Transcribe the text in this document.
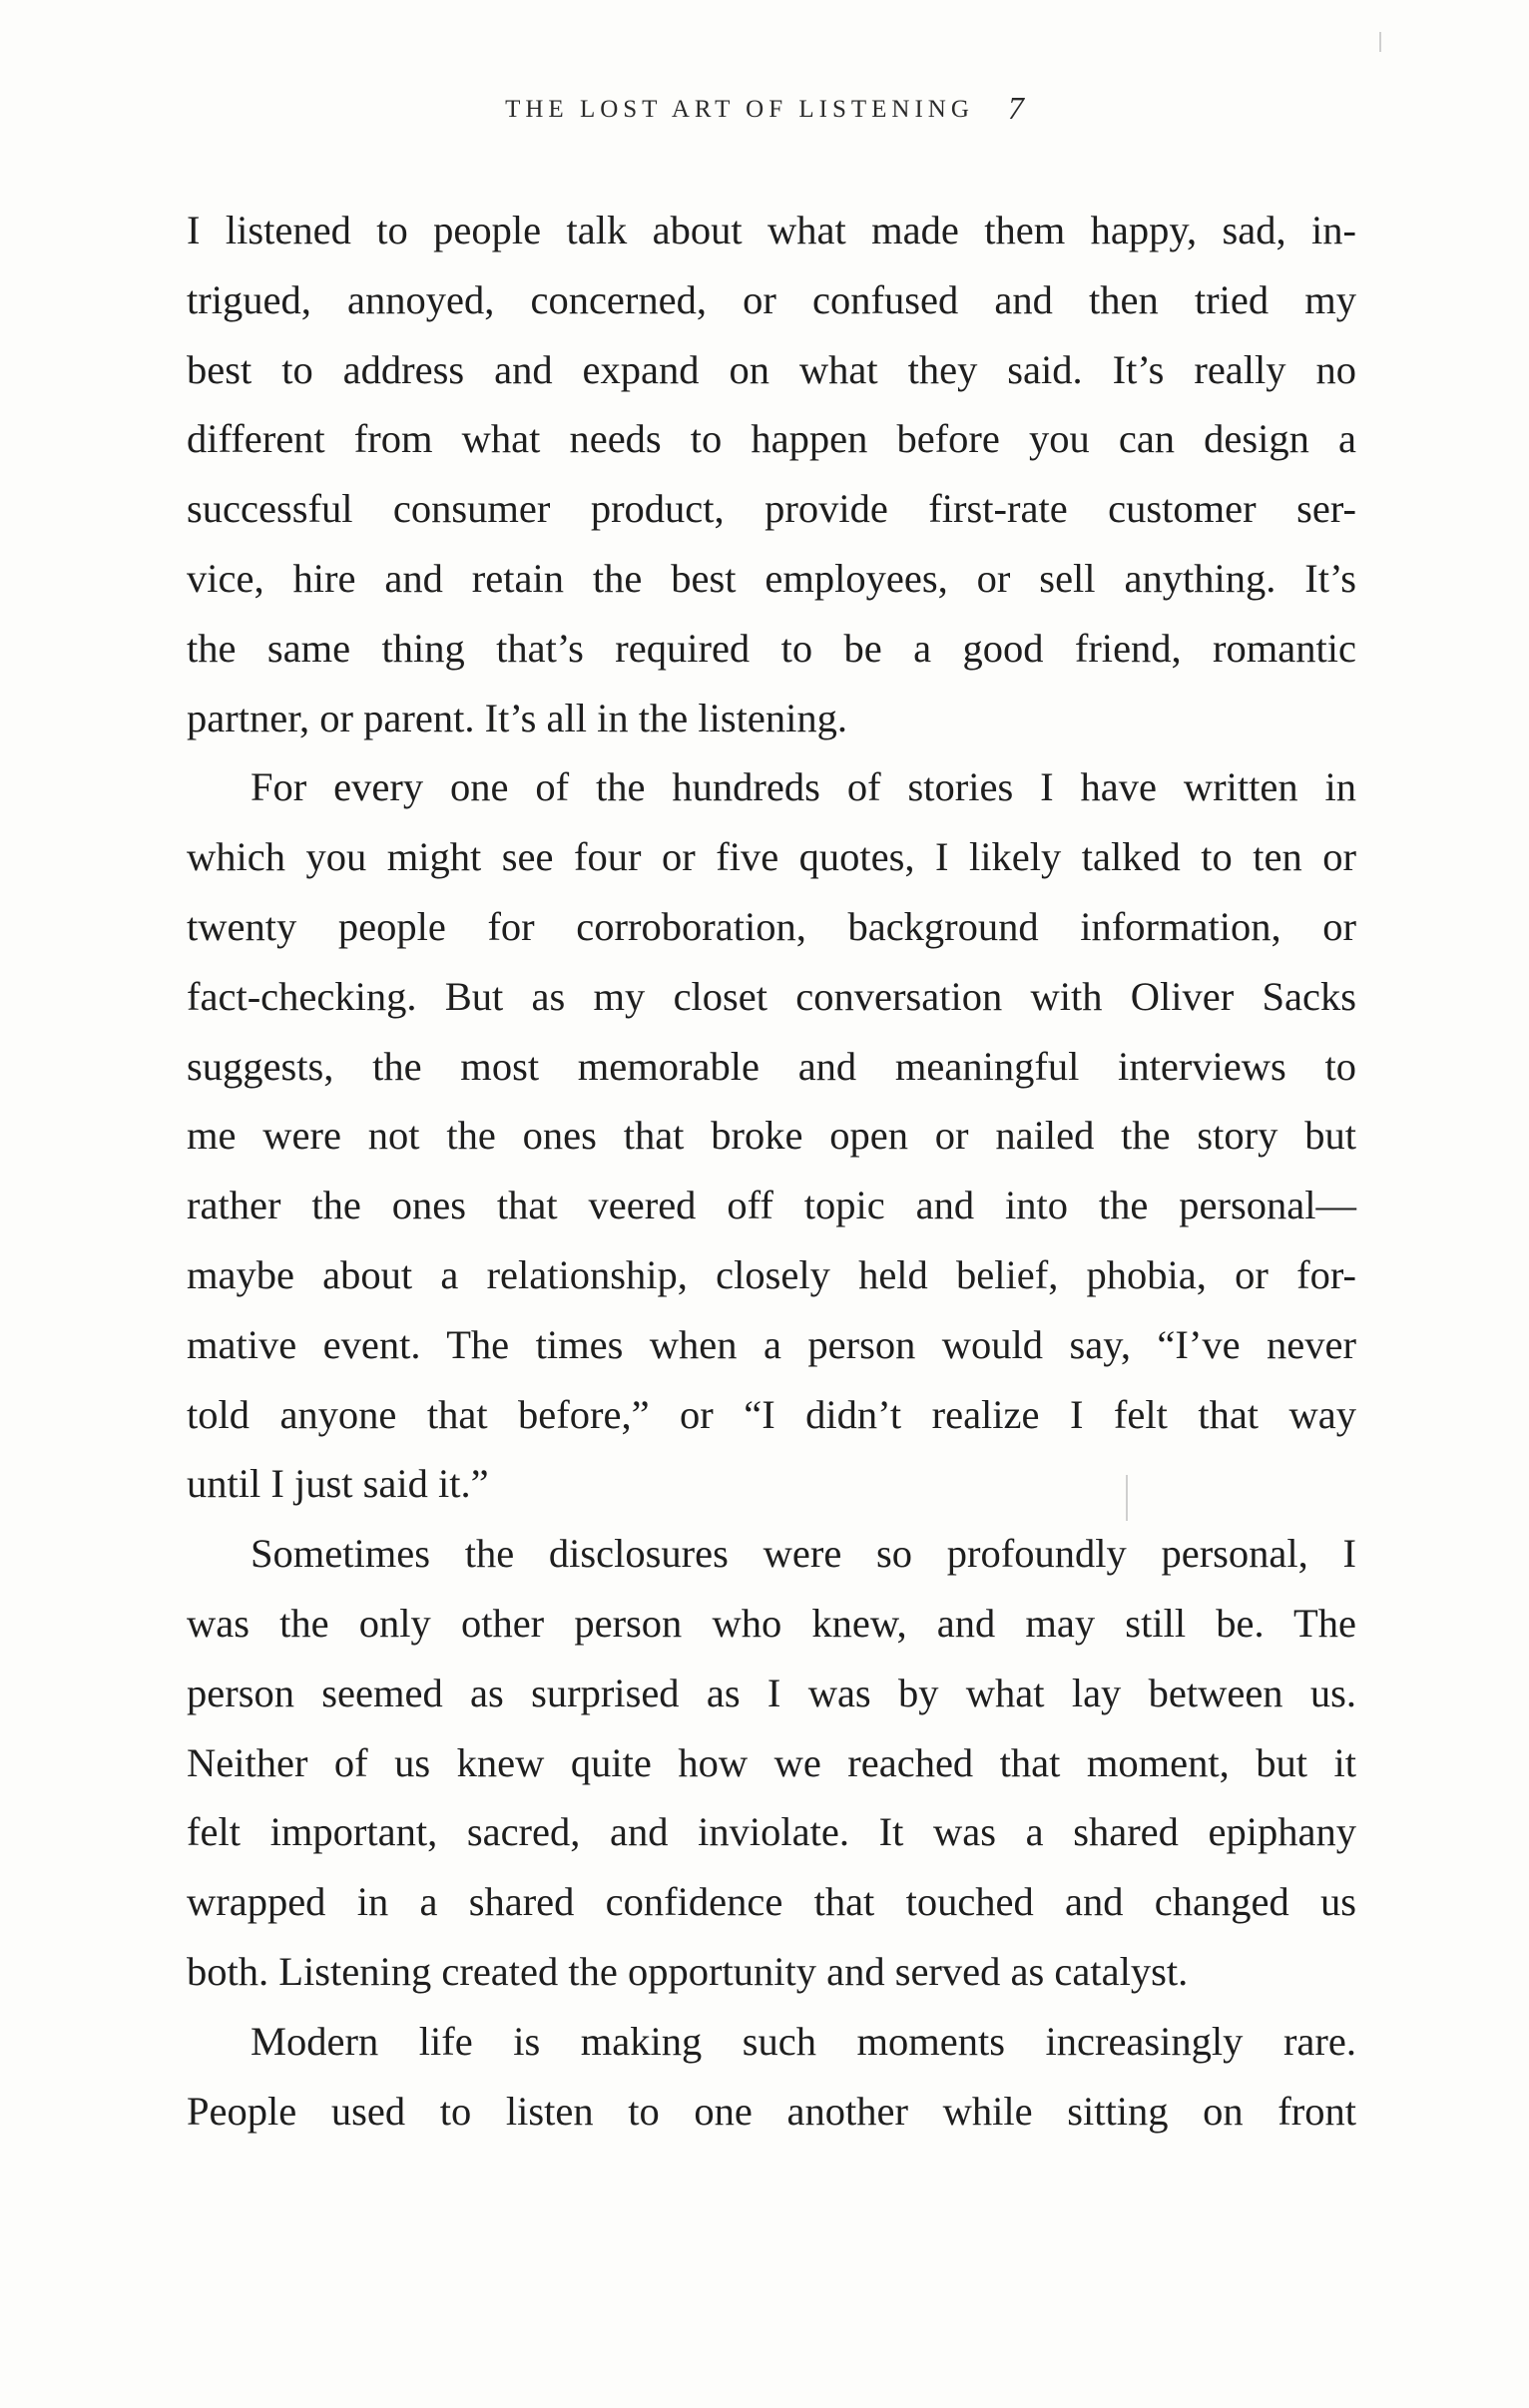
THE LOST ART OF LISTENING 7
I listened to people talk about what made them happy, sad, in-
trigued, annoyed, concerned, or confused and then tried my
best to address and expand on what they said. It’s really no
different from what needs to happen before you can design a
successful consumer product, provide first-rate customer ser-
vice, hire and retain the best employees, or sell anything. It’s
the same thing that’s required to be a good friend, romantic
partner, or parent. It’s all in the listening.
For every one of the hundreds of stories I have written in
which you might see four or five quotes, I likely talked to ten or
twenty people for corroboration, background information, or
fact-checking. But as my closet conversation with Oliver Sacks
suggests, the most memorable and meaningful interviews to
me were not the ones that broke open or nailed the story but
rather the ones that veered off topic and into the personal—
maybe about a relationship, closely held belief, phobia, or for-
mative event. The times when a person would say, “I’ve never
told anyone that before,” or “I didn’t realize I felt that way
until I just said it.”
Sometimes the disclosures were so profoundly personal, I
was the only other person who knew, and may still be. The
person seemed as surprised as I was by what lay between us.
Neither of us knew quite how we reached that moment, but it
felt important, sacred, and inviolate. It was a shared epiphany
wrapped in a shared confidence that touched and changed us
both. Listening created the opportunity and served as catalyst.
Modern life is making such moments increasingly rare.
People used to listen to one another while sitting on front
